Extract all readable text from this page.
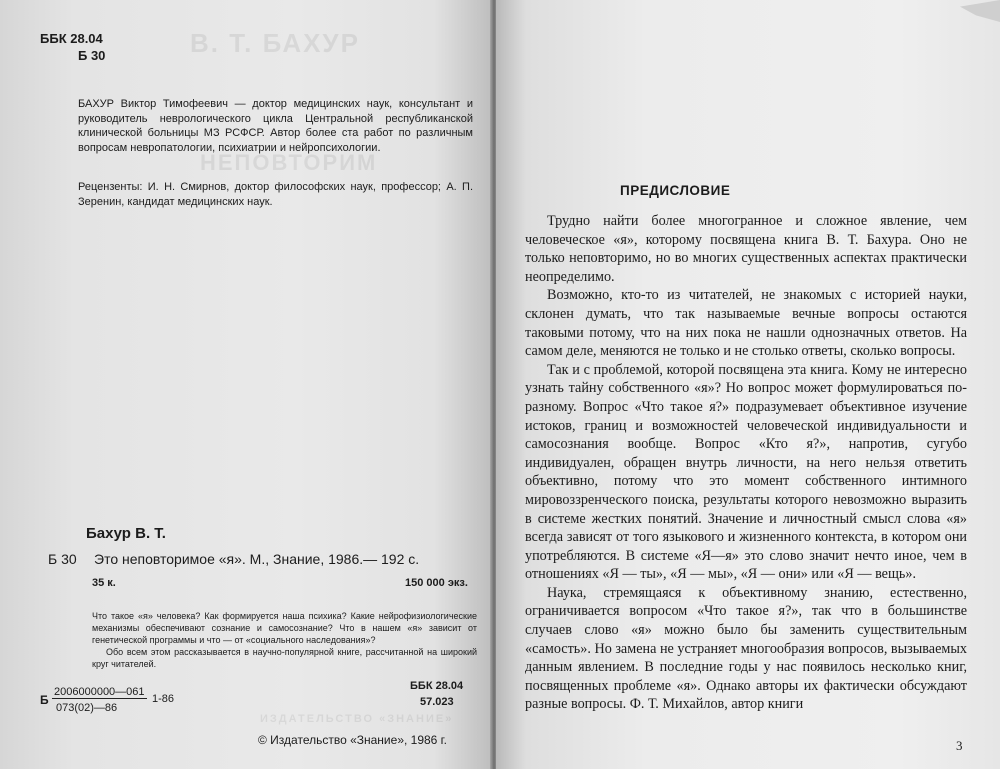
В. Т. БАХУР
НЕПОВТОРИМ
ББК 28.04
Б 30
БАХУР Виктор Тимофеевич — доктор медицинских наук, консультант и руководитель неврологического цикла Центральной республиканской клинической больницы МЗ РСФСР. Автор более ста работ по различным вопросам невропатологии, психиатрии и нейропсихологии.
Рецензенты: И. Н. Смирнов, доктор философских наук, профессор; А. П. Зеренин, кандидат медицинских наук.
Бахур В. Т.
Б 30 Это неповторимое «я». М., Знание, 1986.— 192 с.
35 к.	150 000 экз.
Что такое «я» человека? Как формируется наша психика? Какие нейрофизиологические механизмы обеспечивают сознание и самосознание? Что в нашем «я» зависит от генетической программы и что — от «социального наследования»?
Обо всем этом рассказывается в научно-популярной книге, рассчитанной на широкий круг читателей.
Б
2006000000—061
073(02)—86
1-86
ББК 28.04
57.023
ИЗДАТЕЛЬСТВО «ЗНАНИЕ»
© Издательство «Знание», 1986 г.
ПРЕДИСЛОВИЕ

Трудно найти более многогранное и сложное явление, чем человеческое «я», которому посвящена книга В. Т. Бахура. Оно не только неповторимо, но во многих существенных аспектах практически неопределимо.

Возможно, кто-то из читателей, не знакомых с историей науки, склонен думать, что так называемые вечные вопросы остаются таковыми потому, что на них пока не нашли однозначных ответов. На самом деле, меняются не только и не столько ответы, сколько вопросы.

Так и с проблемой, которой посвящена эта книга. Кому не интересно узнать тайну собственного «я»? Но вопрос может формулироваться по-разному. Вопрос «Что такое я?» подразумевает объективное изучение истоков, границ и возможностей человеческой индивидуальности и самосознания вообще. Вопрос «Кто я?», напротив, сугубо индивидуален, обращен внутрь личности, на него нельзя ответить объективно, потому что это момент собственного интимного мировоззренческого поиска, результаты которого невозможно выразить в системе жестких понятий. Значение и личностный смысл слова «я» всегда зависят от того языкового и жизненного контекста, в котором они употребляются. В системе «Я—я» это слово значит нечто иное, чем в отношениях «Я — ты», «Я — мы», «Я — они» или «Я — вещь».

Наука, стремящаяся к объективному знанию, естественно, ограничивается вопросом «Что такое я?», так что в большинстве случаев слово «я» можно было бы заменить существительным «самость». Но замена не устраняет многообразия вопросов, вызываемых данным явлением. В последние годы у нас появилось несколько книг, посвященных проблеме «я». Однако авторы их фактически обсуждают разные вопросы. Ф. Т. Михайлов, автор книги

3
